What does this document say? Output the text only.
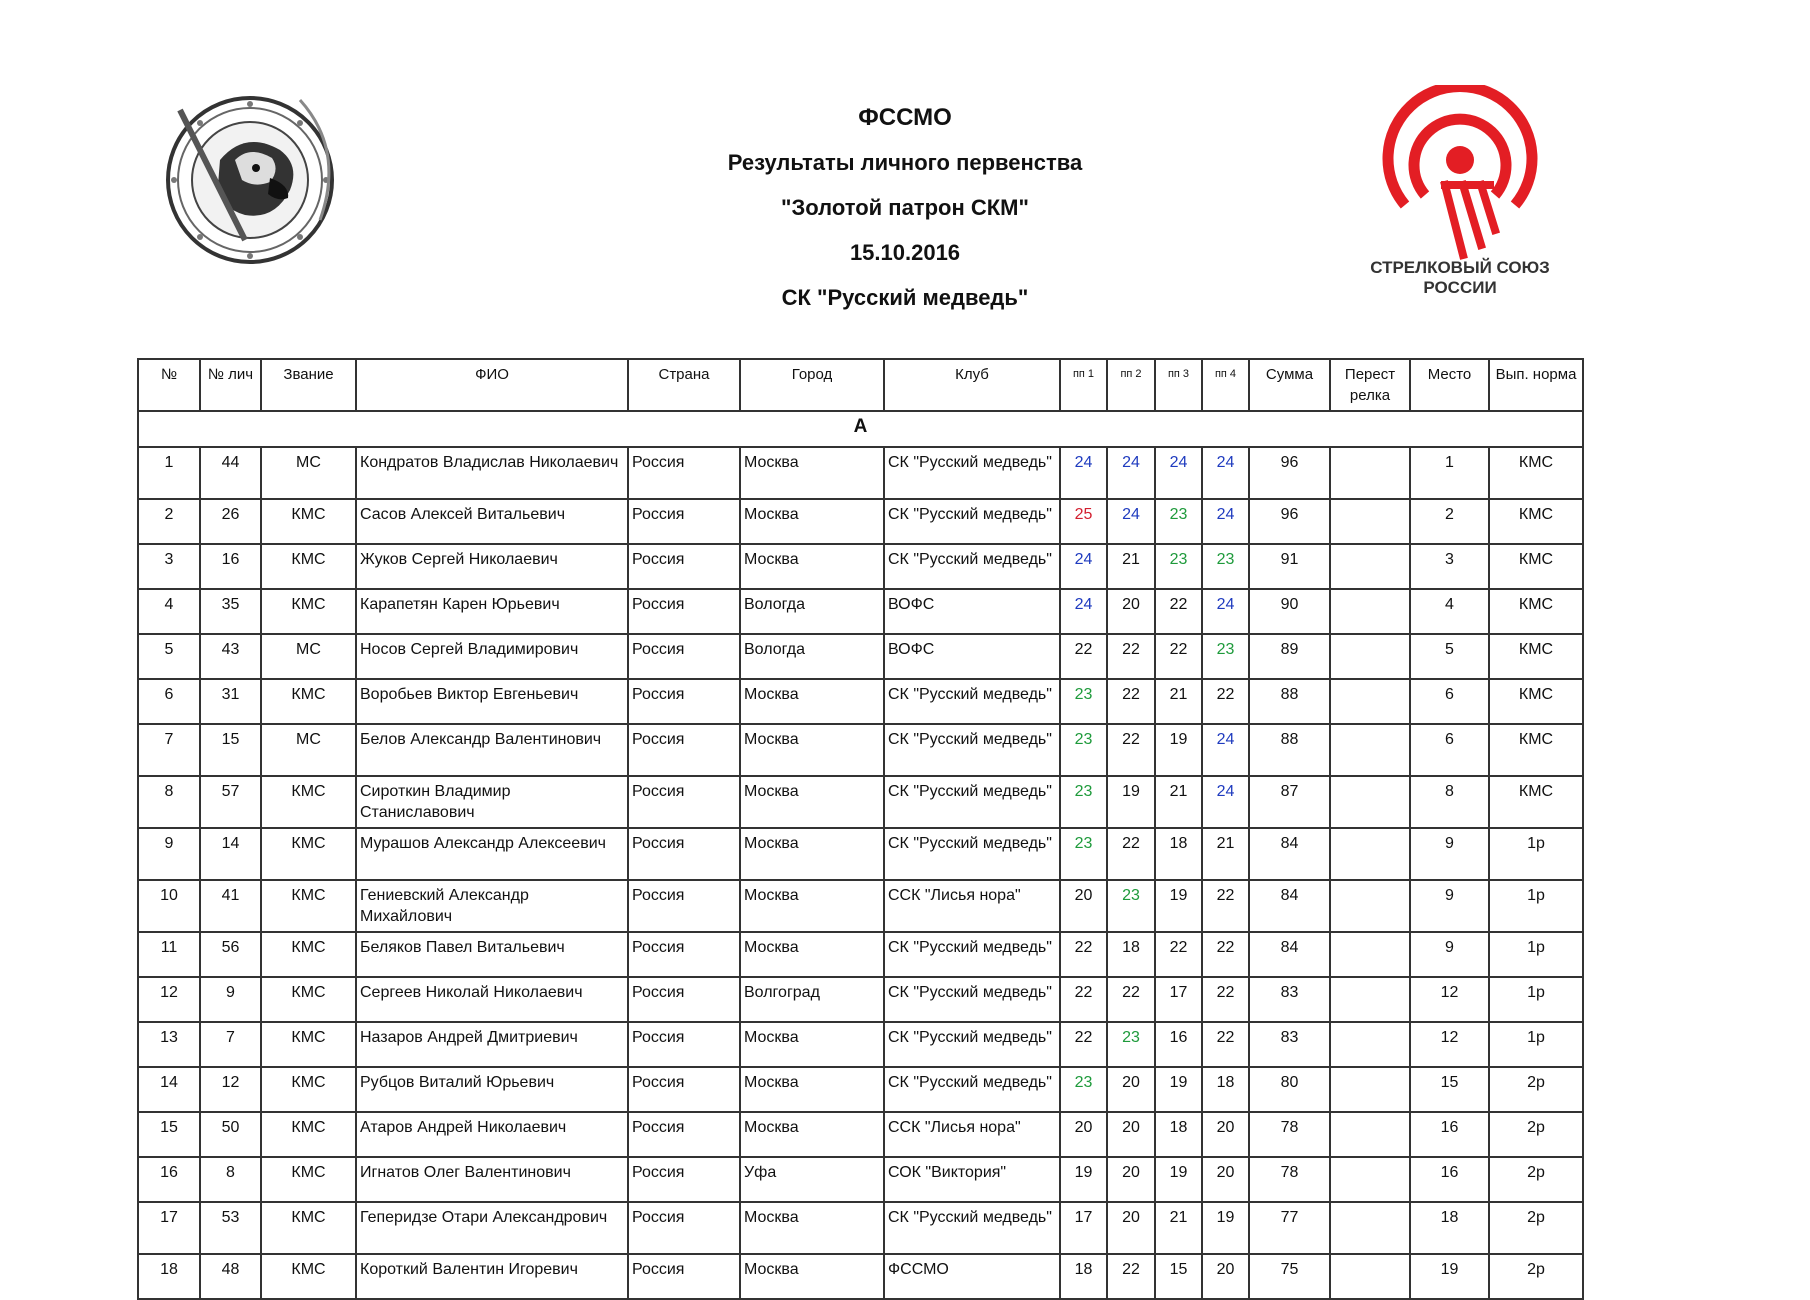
ФССМО
Результаты личного первенства
"Золотой патрон СКМ"
15.10.2016
СК "Русский медведь"
СТРЕЛКОВЫЙ СОЮЗ
РОССИИ
№	№ лич	Звание	ФИО	Страна	Город	Клуб	пп 1	пп 2	пп 3	пп 4	Сумма	Перест релка	Место	Вып. норма
А														
1	44	МС	Кондратов Владислав Николаевич	Россия	Москва	СК "Русский медведь"	24	24	24	24	96		1	КМС
2	26	КМС	Сасов Алексей Витальевич	Россия	Москва	СК "Русский медведь"	25	24	23	24	96		2	КМС
3	16	КМС	Жуков Сергей Николаевич	Россия	Москва	СК "Русский медведь"	24	21	23	23	91		3	КМС
4	35	КМС	Карапетян Карен Юрьевич	Россия	Вологда	ВОФС	24	20	22	24	90		4	КМС
5	43	МС	Носов Сергей Владимирович	Россия	Вологда	ВОФС	22	22	22	23	89		5	КМС
6	31	КМС	Воробьев Виктор Евгеньевич	Россия	Москва	СК "Русский медведь"	23	22	21	22	88		6	КМС
7	15	МС	Белов Александр Валентинович	Россия	Москва	СК "Русский медведь"	23	22	19	24	88		6	КМС
8	57	КМС	Сироткин Владимир Станиславович	Россия	Москва	СК "Русский медведь"	23	19	21	24	87		8	КМС
9	14	КМС	Мурашов Александр Алексеевич	Россия	Москва	СК "Русский медведь"	23	22	18	21	84		9	1р
10	41	КМС	Гениевский Александр Михайлович	Россия	Москва	ССК "Лисья нора"	20	23	19	22	84		9	1р
11	56	КМС	Беляков Павел Витальевич	Россия	Москва	СК "Русский медведь"	22	18	22	22	84		9	1р
12	9	КМС	Сергеев Николай Николаевич	Россия	Волгоград	СК "Русский медведь"	22	22	17	22	83		12	1р
13	7	КМС	Назаров Андрей Дмитриевич	Россия	Москва	СК "Русский медведь"	22	23	16	22	83		12	1р
14	12	КМС	Рубцов Виталий Юрьевич	Россия	Москва	СК "Русский медведь"	23	20	19	18	80		15	2р
15	50	КМС	Атаров Андрей Николаевич	Россия	Москва	ССК "Лисья нора"	20	20	18	20	78		16	2р
16	8	КМС	Игнатов Олег Валентинович	Россия	Уфа	СОК "Виктория"	19	20	19	20	78		16	2р
17	53	КМС	Геперидзе Отари Александрович	Россия	Москва	СК "Русский медведь"	17	20	21	19	77		18	2р
18	48	КМС	Короткий Валентин Игоревич	Россия	Москва	ФССМО	18	22	15	20	75		19	2р
